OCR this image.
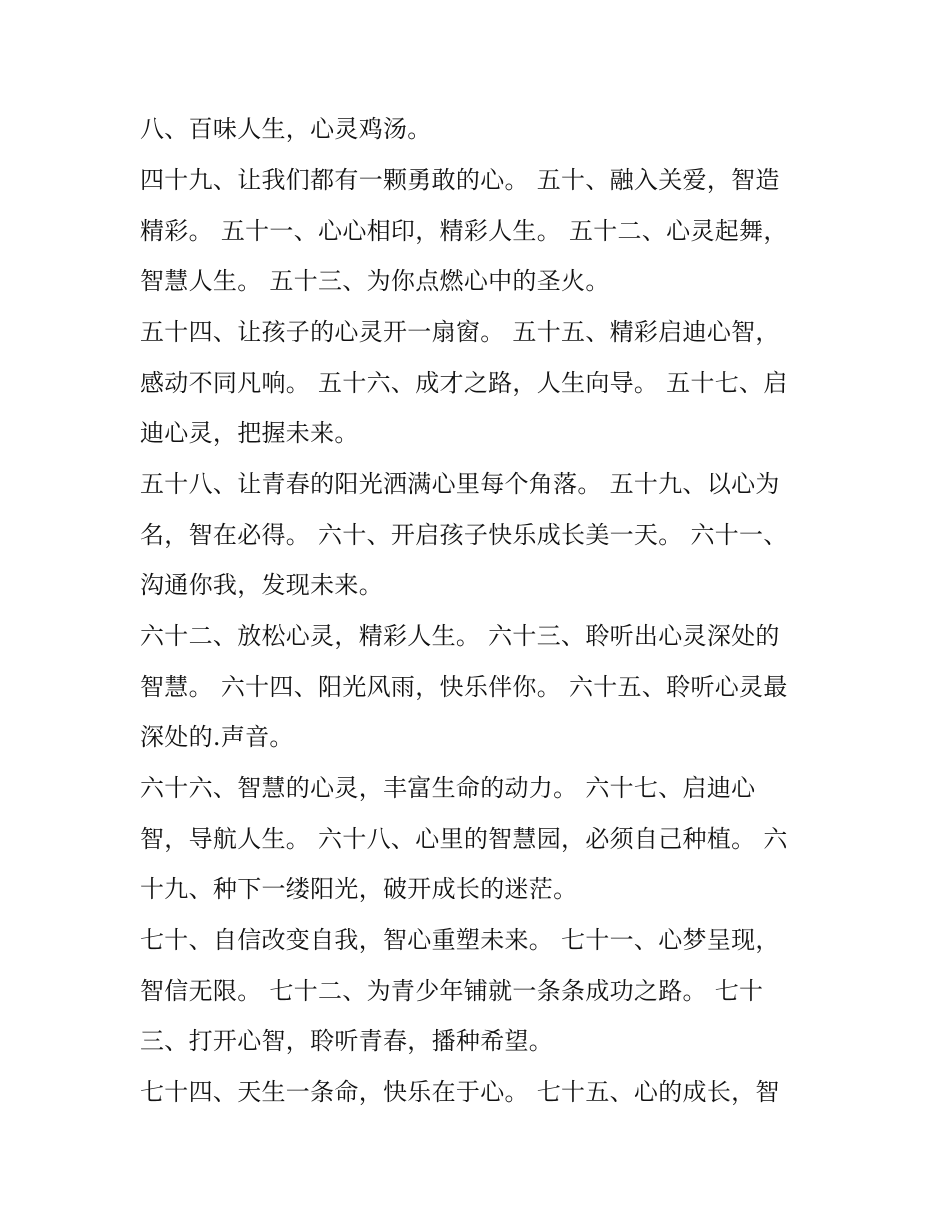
八、百味人生，心灵鸡汤。
四十九、让我们都有一颗勇敢的心。 五十、融入关爱，智造
精彩。 五十一、心心相印，精彩人生。 五十二、心灵起舞，
智慧人生。 五十三、为你点燃心中的圣火。
五十四、让孩子的心灵开一扇窗。 五十五、精彩启迪心智，
感动不同凡响。 五十六、成才之路，人生向导。 五十七、启
迪心灵，把握未来。
五十八、让青春的阳光洒满心里每个角落。 五十九、以心为
名，智在必得。 六十、开启孩子快乐成长美一天。 六十一、
沟通你我，发现未来。
六十二、放松心灵，精彩人生。 六十三、聆听出心灵深处的
智慧。 六十四、阳光风雨，快乐伴你。 六十五、聆听心灵最
深处的.声音。
六十六、智慧的心灵，丰富生命的动力。 六十七、启迪心
智，导航人生。 六十八、心里的智慧园，必须自己种植。 六
十九、种下一缕阳光，破开成长的迷茫。
七十、自信改变自我，智心重塑未来。 七十一、心梦呈现，
智信无限。 七十二、为青少年铺就一条条成功之路。 七十
三、打开心智，聆听青春，播种希望。
七十四、天生一条命，快乐在于心。 七十五、心的成长，智
